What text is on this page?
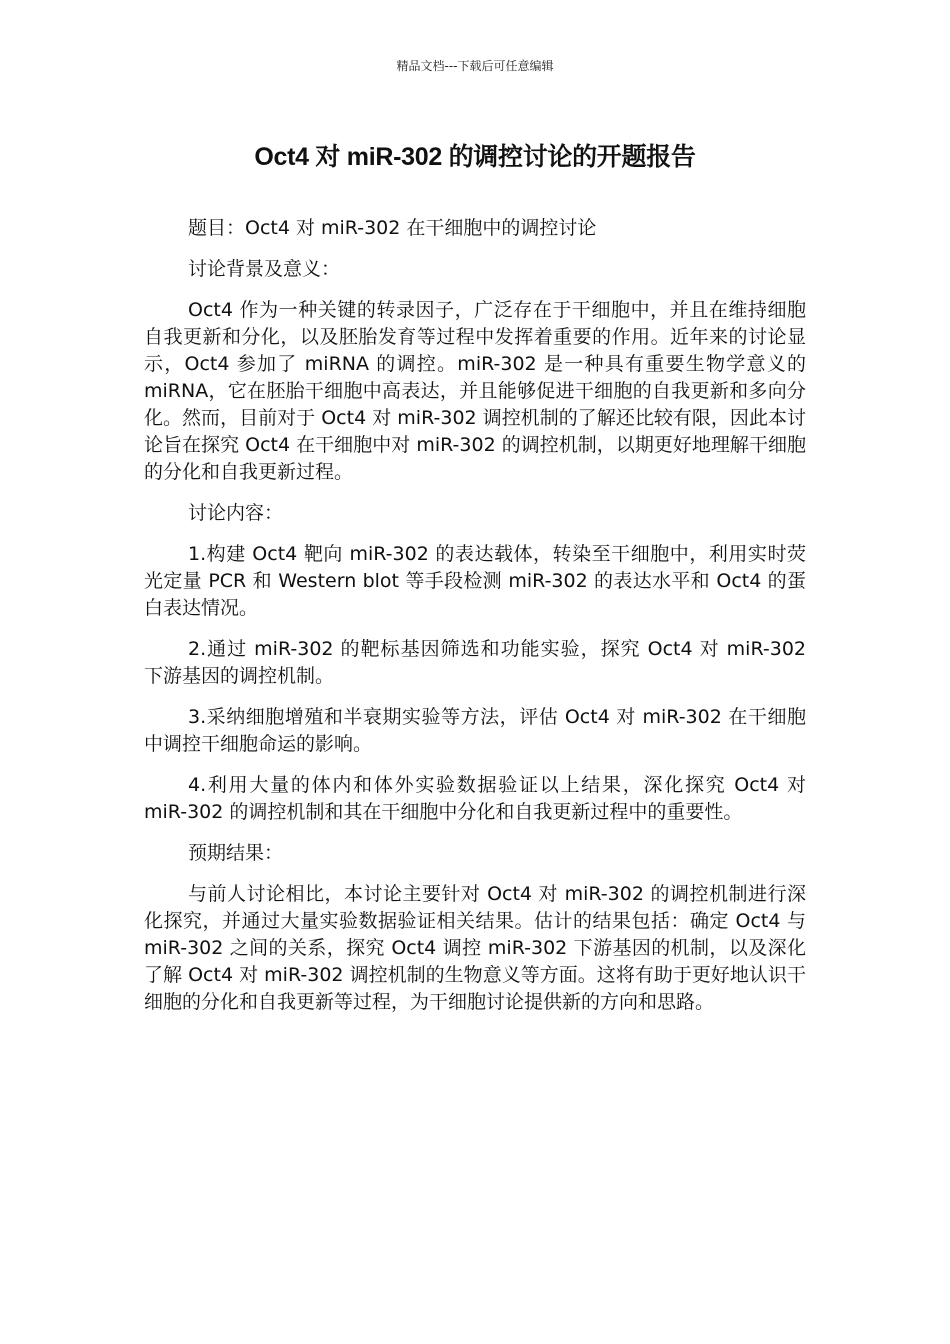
精品文档---下载后可任意编辑
Oct4 对 miR-302 的调控讨论的开题报告

题目：Oct4 对 miR-302 在干细胞中的调控讨论

讨论背景及意义：

Oct4 作为一种关键的转录因子，广泛存在于干细胞中，并且在维持细胞自我更新和分化，以及胚胎发育等过程中发挥着重要的作用。近年来的讨论显示，Oct4 参加了 miRNA 的调控。miR-302 是一种具有重要生物学意义的 miRNA，它在胚胎干细胞中高表达，并且能够促进干细胞的自我更新和多向分化。然而，目前对于 Oct4 对 miR-302 调控机制的了解还比较有限，因此本讨论旨在探究 Oct4 在干细胞中对 miR-302 的调控机制，以期更好地理解干细胞的分化和自我更新过程。

讨论内容：

1.构建 Oct4 靶向 miR-302 的表达载体，转染至干细胞中，利用实时荧光定量 PCR 和 Western blot 等手段检测 miR-302 的表达水平和 Oct4 的蛋白表达情况。

2.通过 miR-302 的靶标基因筛选和功能实验，探究 Oct4 对 miR-302 下游基因的调控机制。

3.采纳细胞增殖和半衰期实验等方法，评估 Oct4 对 miR-302 在干细胞中调控干细胞命运的影响。

4.利用大量的体内和体外实验数据验证以上结果，深化探究 Oct4 对 miR-302 的调控机制和其在干细胞中分化和自我更新过程中的重要性。

预期结果：

与前人讨论相比，本讨论主要针对 Oct4 对 miR-302 的调控机制进行深化探究，并通过大量实验数据验证相关结果。估计的结果包括：确定 Oct4 与 miR-302 之间的关系，探究 Oct4 调控 miR-302 下游基因的机制，以及深化了解 Oct4 对 miR-302 调控机制的生物意义等方面。这将有助于更好地认识干细胞的分化和自我更新等过程，为干细胞讨论提供新的方向和思路。
